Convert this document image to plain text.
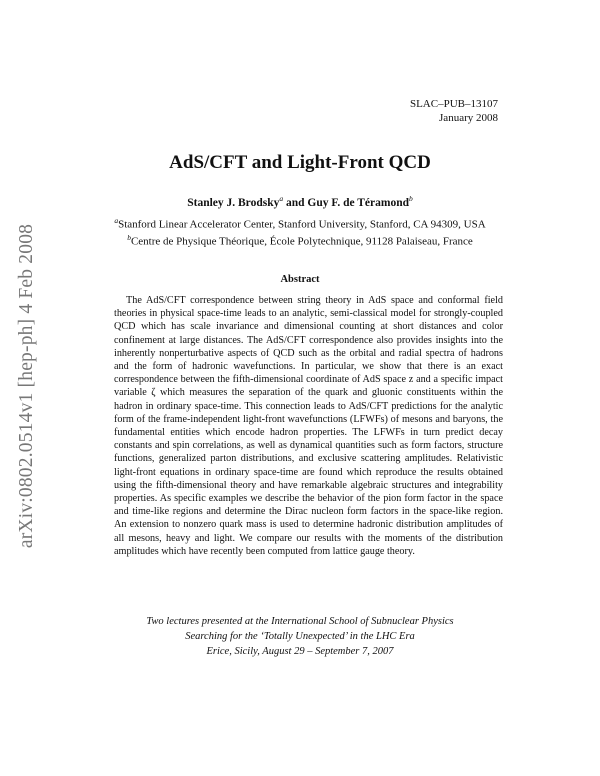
arXiv:0802.0514v1 [hep-ph] 4 Feb 2008
SLAC–PUB–13107
January 2008
AdS/CFT and Light-Front QCD
Stanley J. Brodsky$^a$ and Guy F. de Téramond$^b$
$^a$Stanford Linear Accelerator Center, Stanford University, Stanford, CA 94309, USA
$^b$Centre de Physique Théorique, École Polytechnique, 91128 Palaiseau, France
Abstract
The AdS/CFT correspondence between string theory in AdS space and conformal field theories in physical space-time leads to an analytic, semi-classical model for strongly-coupled QCD which has scale invariance and dimensional counting at short distances and color confinement at large distances. The AdS/CFT correspondence also provides insights into the inherently nonperturbative aspects of QCD such as the orbital and radial spectra of hadrons and the form of hadronic wavefunctions. In particular, we show that there is an exact correspondence between the fifth-dimensional coordinate of AdS space z and a specific impact variable ζ which measures the separation of the quark and gluonic constituents within the hadron in ordinary space-time. This connection leads to AdS/CFT predictions for the analytic form of the frame-independent light-front wavefunctions (LFWFs) of mesons and baryons, the fundamental entities which encode hadron properties. The LFWFs in turn predict decay constants and spin correlations, as well as dynamical quantities such as form factors, structure functions, generalized parton distributions, and exclusive scattering amplitudes. Relativistic light-front equations in ordinary space-time are found which reproduce the results obtained using the fifth-dimensional theory and have remarkable algebraic structures and integrability properties. As specific examples we describe the behavior of the pion form factor in the space and time-like regions and determine the Dirac nucleon form factors in the space-like region. An extension to nonzero quark mass is used to determine hadronic distribution amplitudes of all mesons, heavy and light. We compare our results with the moments of the distribution amplitudes which have recently been computed from lattice gauge theory.
Two lectures presented at the International School of Subnuclear Physics
Searching for the ‘Totally Unexpected’ in the LHC Era
Erice, Sicily, August 29 – September 7, 2007
